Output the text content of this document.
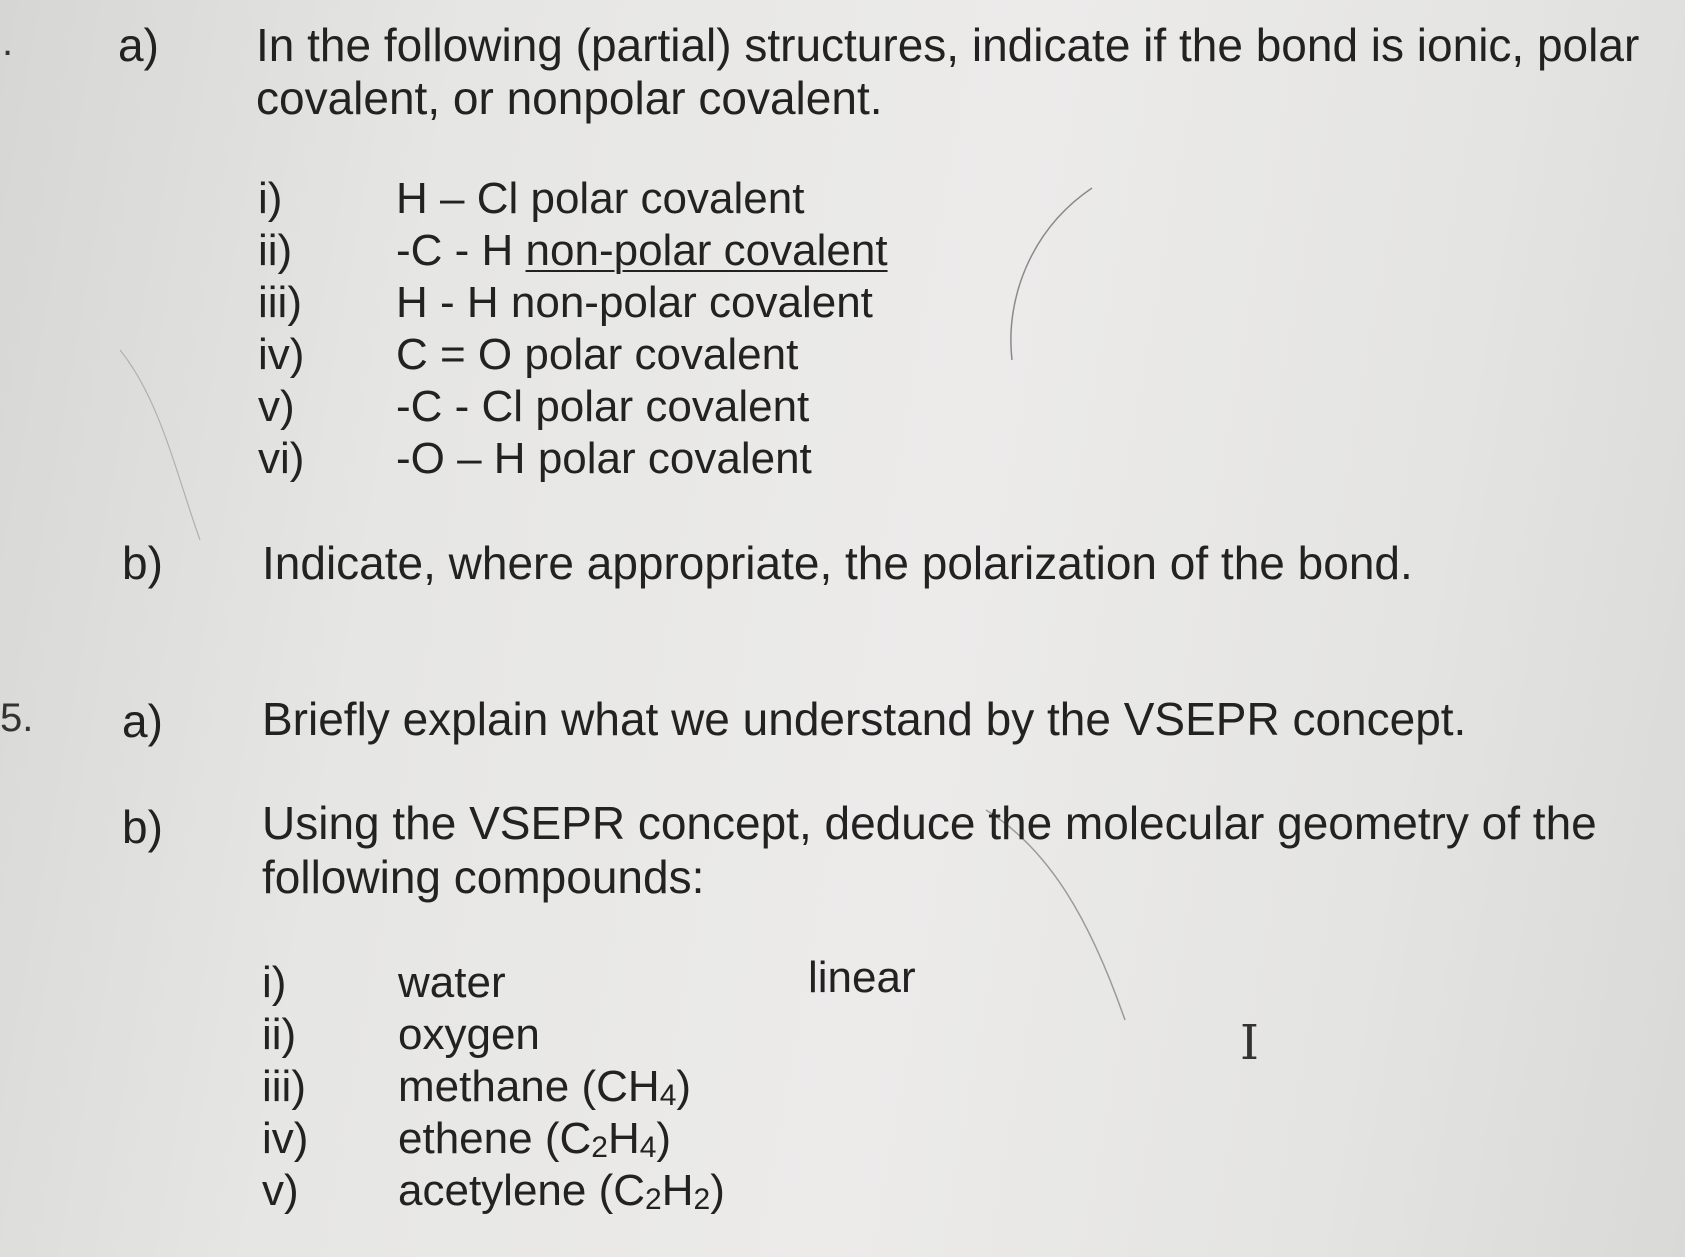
. a) In the following (partial) structures, indicate if the bond is ionic, polar
covalent, or nonpolar covalent.
i)	H – Cl polar covalent
ii) -C - H non-polar covalent
iii) H - H non-polar covalent
iv) C = O polar covalent
v) -C - Cl polar covalent
vi) -O – H polar covalent
b) Indicate, where appropriate, the polarization of the bond.
5. a) Briefly explain what we understand by the VSEPR concept.
b) Using the VSEPR concept, deduce the molecular geometry of the
following compounds:
i)	water	linear
ii) oxygen
iii) methane $(CH_4)$
iv) ethene $(C_2H_4)$
v) acetylene $(C_2H_2)$
I
